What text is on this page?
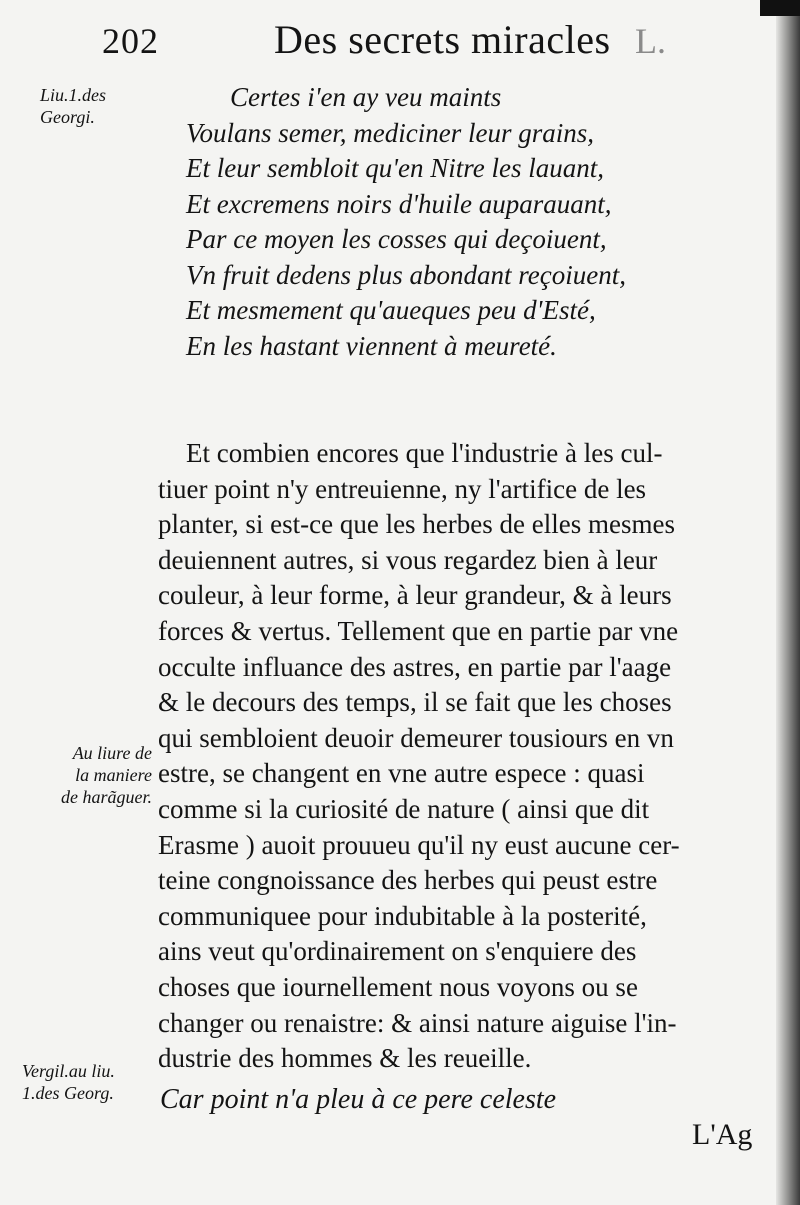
202	Des secrets miracles L.
Liu.1.des
Georgi.
Certes i'en ay veu maints
Voulans semer, mediciner leur grains,
Et leur sembloit qu'en Nitre les lauant,
Et excremens noirs d'huile auparauant,
Par ce moyen les cosses qui deçoiuent,
Vn fruit dedens plus abondant reçoiuent,
Et mesmement qu'aueques peu d'Esté,
En les hastant viennent à meureté.
Et combien encores que l'industrie à les cul-
tiuer point n'y entreuienne, ny l'artifice de les
planter, si est-ce que les herbes de elles mesmes
deuiennent autres, si vous regardez bien à leur
couleur, à leur forme, à leur grandeur, & à leurs
forces & vertus. Tellement que en partie par vne
occulte influance des astres, en partie par l'aage
& le decours des temps, il se fait que les choses
qui sembloient deuoir demeurer tousiours en vn
estre, se changent en vne autre espece : quasi
comme si la curiosité de nature ( ainsi que dit
Erasme ) auoit prouueu qu'il ny eust aucune cer-
teine congnoissance des herbes qui peust estre
communiquee pour indubitable à la posterité,
ains veut qu'ordinairement on s'enquiere des
choses que iournellement nous voyons ou se
changer ou renaistre: & ainsi nature aiguise l'in-
dustrie des hommes & les reueille.
Au liure de
la maniere
de harãguer.
Vergil.au liu.
1.des Georg. Car point n'a pleu à ce pere celeste
L'Ag
